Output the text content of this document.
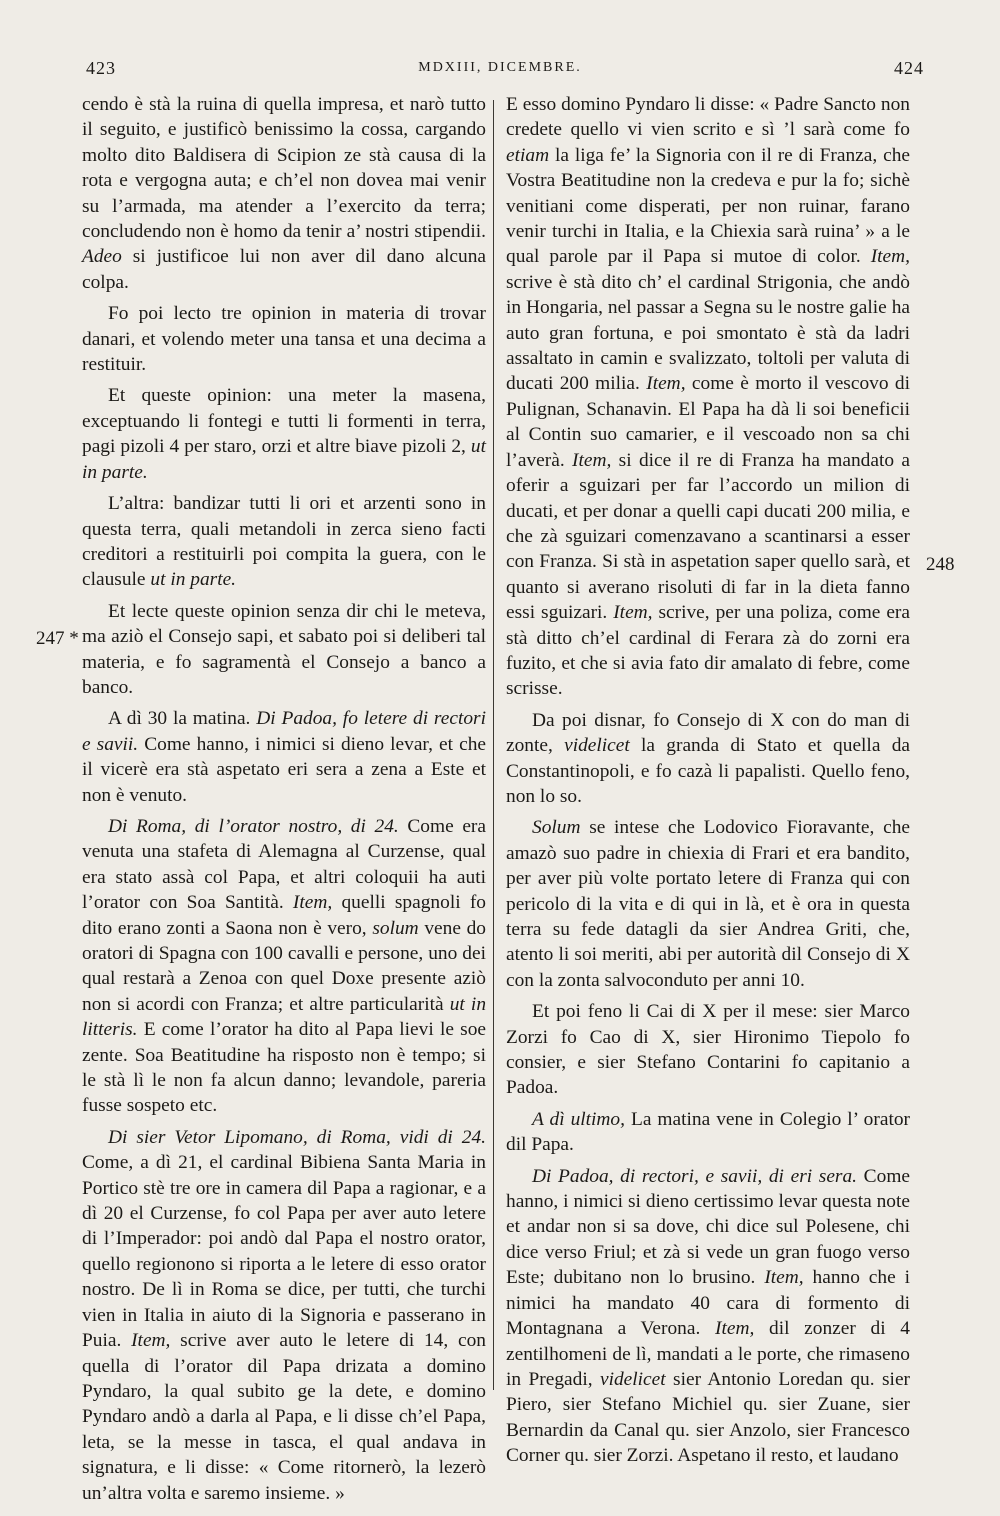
423	MDXIII, DICEMBRE.	424
247 *
248

cendo è stà la ruina di quella impresa, et narò tutto il seguito, e justificò benissimo la cossa, cargando molto dito Baldisera di Scipion ze stà causa di la rota e vergogna auta; e ch’el non dovea mai venir su l’armada, ma atender a l’exercito da terra; concludendo non è homo da tenir a’ nostri stipendii. Adeo si justificoe lui non aver dil dano alcuna colpa.

Fo poi lecto tre opinion in materia di trovar danari, et volendo meter una tansa et una decima a restituir.

Et queste opinion: una meter la masena, exceptuando li fontegi e tutti li formenti in terra, pagi pizoli 4 per staro, orzi et altre biave pizoli 2, ut in parte.

L’altra: bandizar tutti li ori et arzenti sono in questa terra, quali metandoli in zerca sieno facti creditori a restituirli poi compita la guera, con le clausule ut in parte.

Et lecte queste opinion senza dir chi le meteva, ma aziò el Consejo sapi, et sabato poi si deliberi tal materia, e fo sagramentà el Consejo a banco a banco.

A dì 30 la matina. Di Padoa, fo letere di rectori e savii. Come hanno, i nimici si dieno levar, et che il vicerè era stà aspetato eri sera a zena a Este et non è venuto.

Di Roma, di l’orator nostro, di 24. Come era venuta una stafeta di Alemagna al Curzense, qual era stato assà col Papa, et altri coloquii ha auti l’orator con Soa Santità. Item, quelli spagnoli fo dito erano zonti a Saona non è vero, solum vene do oratori di Spagna con 100 cavalli e persone, uno dei qual restarà a Zenoa con quel Doxe presente aziò non si acordi con Franza; et altre particularità ut in litteris. E come l’orator ha dito al Papa lievi le soe zente. Soa Beatitudine ha risposto non è tempo; si le stà lì le non fa alcun danno; levandole, pareria fusse sospeto etc.

Di sier Vetor Lipomano, di Roma, vidi di 24. Come, a dì 21, el cardinal Bibiena Santa Maria in Portico stè tre ore in camera dil Papa a ragionar, e a dì 20 el Curzense, fo col Papa per aver auto letere di l’Imperador: poi andò dal Papa el nostro orator, quello regionono si riporta a le letere di esso orator nostro. De lì in Roma se dice, per tutti, che turchi vien in Italia in aiuto di la Signoria e passerano in Puia. Item, scrive aver auto le letere di 14, con quella di l’orator dil Papa drizata a domino Pyndaro, la qual subito ge la dete, e domino Pyndaro andò a darla al Papa, e li disse ch’el Papa, leta, se la messe in tasca, el qual andava in signatura, e li disse: « Come ritornerò, la lezerò un’altra volta e saremo insieme. »

E esso domino Pyndaro li disse: « Padre Sancto non credete quello vi vien scrito e sì ’l sarà come fo etiam la liga fe’ la Signoria con il re di Franza, che Vostra Beatitudine non la credeva e pur la fo; sichè venitiani come disperati, per non ruinar, farano venir turchi in Italia, e la Chiexia sarà ruina’ » a le qual parole par il Papa si mutoe di color. Item, scrive è stà dito ch’ el cardinal Strigonia, che andò in Hongaria, nel passar a Segna su le nostre galie ha auto gran fortuna, e poi smontato è stà da ladri assaltato in camin e svalizzato, toltoli per valuta di ducati 200 milia. Item, come è morto il vescovo di Pulignan, Schanavin. El Papa ha dà li soi beneficii al Contin suo camarier, e il vescoado non sa chi l’averà. Item, si dice il re di Franza ha mandato a oferir a sguizari per far l’accordo un milion di ducati, et per donar a quelli capi ducati 200 milia, e che zà sguizari comenzavano a scantinarsi a esser con Franza. Si stà in aspetation saper quello sarà, et quanto si averano risoluti di far in la dieta fanno essi sguizari. Item, scrive, per una poliza, come era stà ditto ch’el cardinal di Ferara zà do zorni era fuzito, et che si avia fato dir amalato di febre, come scrisse.

Da poi disnar, fo Consejo di X con do man di zonte, videlicet la granda di Stato et quella da Constantinopoli, e fo cazà li papalisti. Quello feno, non lo so.

Solum se intese che Lodovico Fioravante, che amazò suo padre in chiexia di Frari et era bandito, per aver più volte portato letere di Franza qui con pericolo di la vita e di qui in là, et è ora in questa terra su fede datagli da sier Andrea Griti, che, atento li soi meriti, abi per autorità dil Consejo di X con la zonta salvoconduto per anni 10.

Et poi feno li Cai di X per il mese: sier Marco Zorzi fo Cao di X, sier Hironimo Tiepolo fo consier, e sier Stefano Contarini fo capitanio a Padoa.

A dì ultimo, La matina vene in Colegio l’ orator dil Papa.

Di Padoa, di rectori, e savii, di eri sera. Come hanno, i nimici si dieno certissimo levar questa note et andar non si sa dove, chi dice sul Polesene, chi dice verso Friul; et zà si vede un gran fuogo verso Este; dubitano non lo brusino. Item, hanno che i nimici ha mandato 40 cara di formento di Montagnana a Verona. Item, dil zonzer di 4 zentilhomeni de lì, mandati a le porte, che rimaseno in Pregadi, videlicet sier Antonio Loredan qu. sier Piero, sier Stefano Michiel qu. sier Zuane, sier Bernardin da Canal qu. sier Anzolo, sier Francesco Corner qu. sier Zorzi. Aspetano il resto, et laudano
